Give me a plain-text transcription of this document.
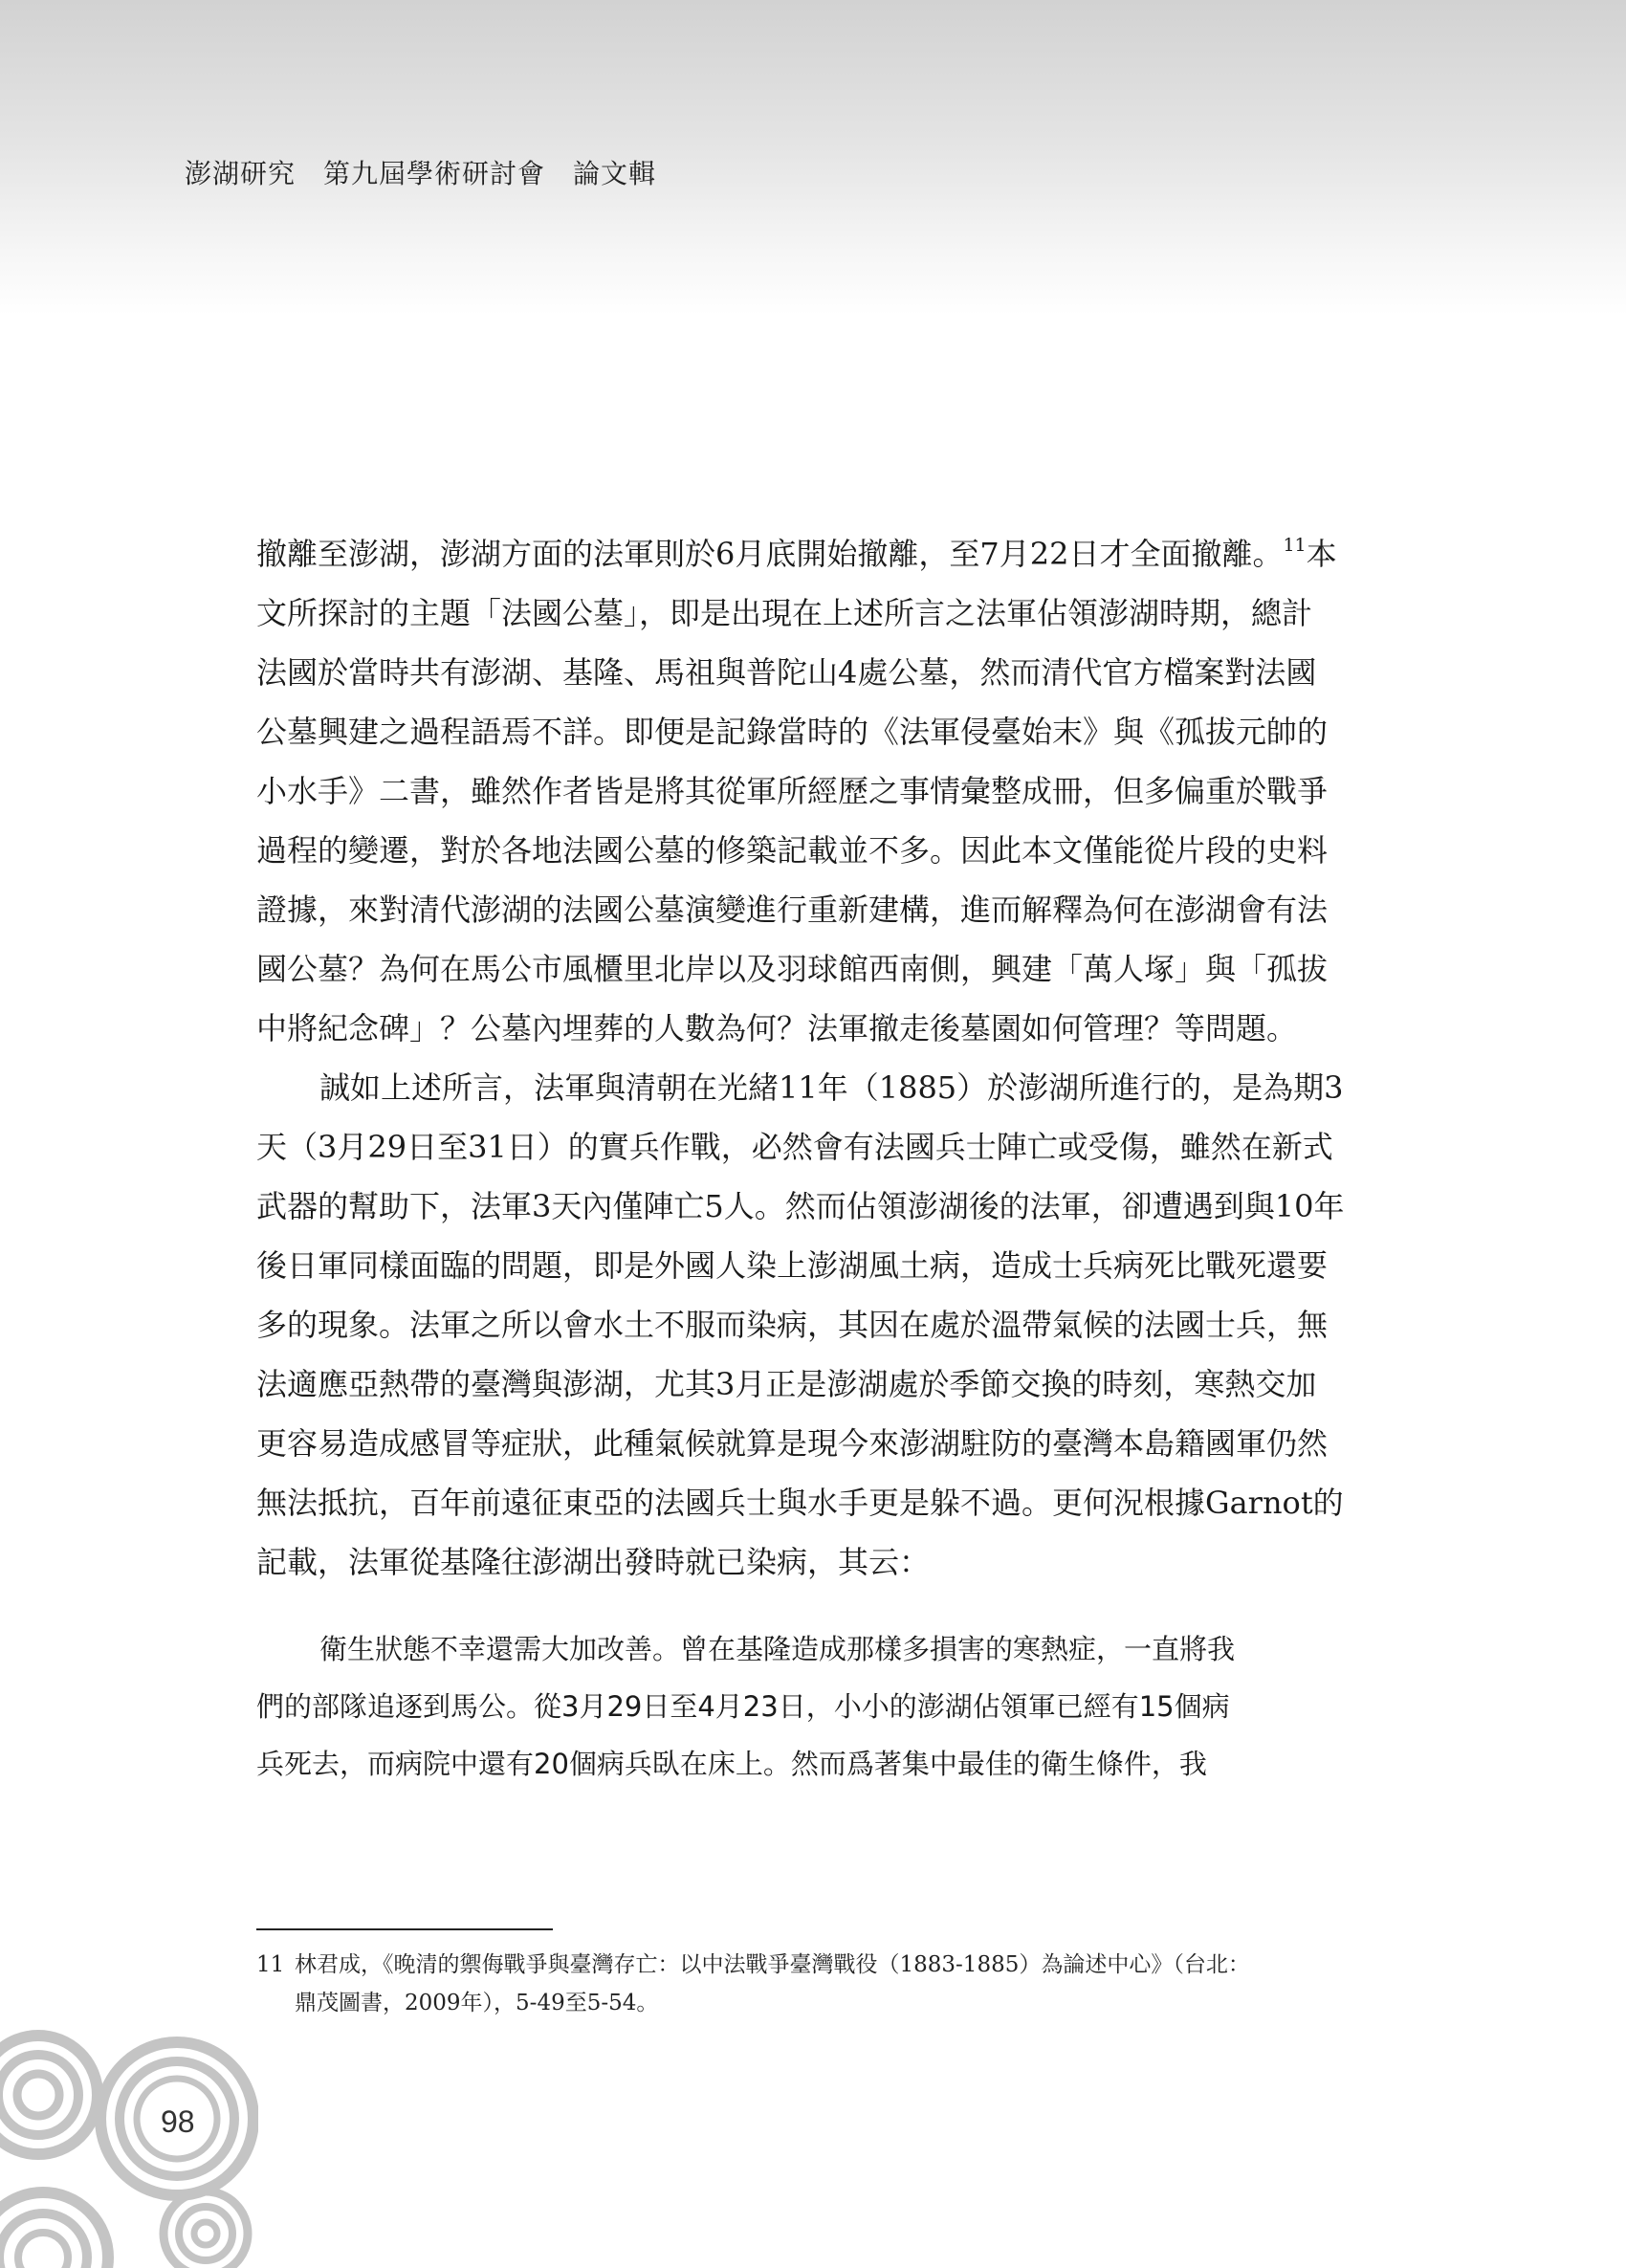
澎湖研究　第九屆學術研討會　論文輯

撤離至澎湖，澎湖方面的法軍則於6月底開始撤離，至7月22日才全面撤離。$^{11}$本
文所探討的主題「法國公墓」，即是出現在上述所言之法軍佔領澎湖時期，總計
法國於當時共有澎湖、基隆、馬祖與普陀山4處公墓，然而清代官方檔案對法國
公墓興建之過程語焉不詳。即便是記錄當時的《法軍侵臺始末》與《孤拔元帥的
小水手》二書，雖然作者皆是將其從軍所經歷之事情彙整成冊，但多偏重於戰爭
過程的變遷，對於各地法國公墓的修築記載並不多。因此本文僅能從片段的史料
證據，來對清代澎湖的法國公墓演變進行重新建構，進而解釋為何在澎湖會有法
國公墓？為何在馬公市風櫃里北岸以及羽球館西南側，興建「萬人塚」與「孤拔
中將紀念碑」？公墓內埋葬的人數為何？法軍撤走後墓園如何管理？等問題。

誠如上述所言，法軍與清朝在光緒11年（1885）於澎湖所進行的，是為期3
天（3月29日至31日）的實兵作戰，必然會有法國兵士陣亡或受傷，雖然在新式
武器的幫助下，法軍3天內僅陣亡5人。然而佔領澎湖後的法軍，卻遭遇到與10年
後日軍同樣面臨的問題，即是外國人染上澎湖風土病，造成士兵病死比戰死還要
多的現象。法軍之所以會水土不服而染病，其因在處於溫帶氣候的法國士兵，無
法適應亞熱帶的臺灣與澎湖，尤其3月正是澎湖處於季節交換的時刻，寒熱交加
更容易造成感冒等症狀，此種氣候就算是現今來澎湖駐防的臺灣本島籍國軍仍然
無法抵抗，百年前遠征東亞的法國兵士與水手更是躲不過。更何況根據Garnot的
記載，法軍從基隆往澎湖出發時就已染病，其云：

衛生狀態不幸還需大加改善。曾在基隆造成那樣多損害的寒熱症，一直將我
們的部隊追逐到馬公。從3月29日至4月23日，小小的澎湖佔領軍已經有15個病
兵死去，而病院中還有20個病兵臥在床上。然而爲著集中最佳的衛生條件，我
11 林君成，《晚清的禦侮戰爭與臺灣存亡：以中法戰爭臺灣戰役（1883-1885）為論述中心》（台北：
鼎茂圖書，2009年），5-49至5-54。
98
